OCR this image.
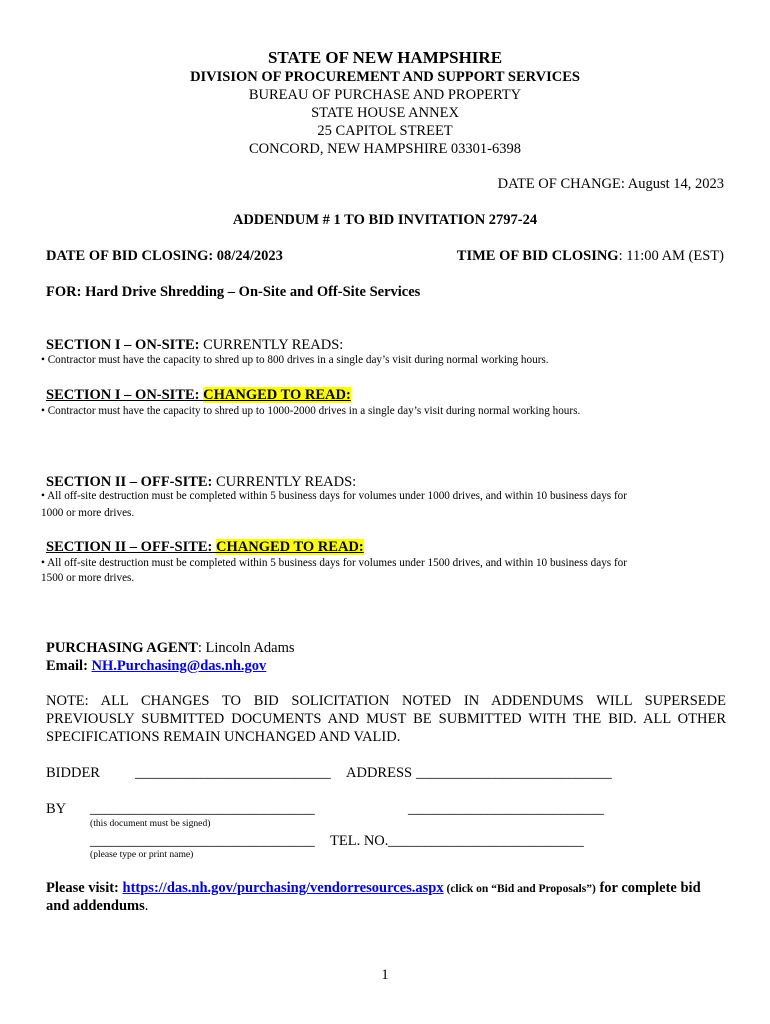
STATE OF NEW HAMPSHIRE
DIVISION OF PROCUREMENT AND SUPPORT SERVICES
BUREAU OF PURCHASE AND PROPERTY
STATE HOUSE ANNEX
25 CAPITOL STREET
CONCORD, NEW HAMPSHIRE 03301-6398
DATE OF CHANGE: August 14, 2023
ADDENDUM # 1 TO BID INVITATION 2797-24
DATE OF BID CLOSING: 08/24/2023	TIME OF BID CLOSING: 11:00 AM (EST)
FOR: Hard Drive Shredding – On-Site and Off-Site Services
SECTION I – ON-SITE: CURRENTLY READS:
• Contractor must have the capacity to shred up to 800 drives in a single day’s visit during normal working hours.
SECTION I – ON-SITE: CHANGED TO READ:
• Contractor must have the capacity to shred up to 1000-2000 drives in a single day’s visit during normal working hours.
SECTION II – OFF-SITE: CURRENTLY READS:
• All off-site destruction must be completed within 5 business days for volumes under 1000 drives, and within 10 business days for
1000 or more drives.
SECTION II – OFF-SITE: CHANGED TO READ:
• All off-site destruction must be completed within 5 business days for volumes under 1500 drives, and within 10 business days for
1500 or more drives.
PURCHASING AGENT: Lincoln Adams
Email: NH.Purchasing@das.nh.gov
NOTE: ALL CHANGES TO BID SOLICITATION NOTED IN ADDENDUMS WILL SUPERSEDE
PREVIOUSLY SUBMITTED DOCUMENTS AND MUST BE SUBMITTED WITH THE BID. ALL OTHER
SPECIFICATIONS REMAIN UNCHANGED AND VALID.
BIDDER ___________________________ ADDRESS ___________________________
BY _______________________________	___________________________
(this document must be signed)
_______________________________ TEL. NO. ___________________________
(please type or print name)
Please visit: https://das.nh.gov/purchasing/vendorresources.aspx (click on “Bid and Proposals”) for complete bid
and addendums.
1
